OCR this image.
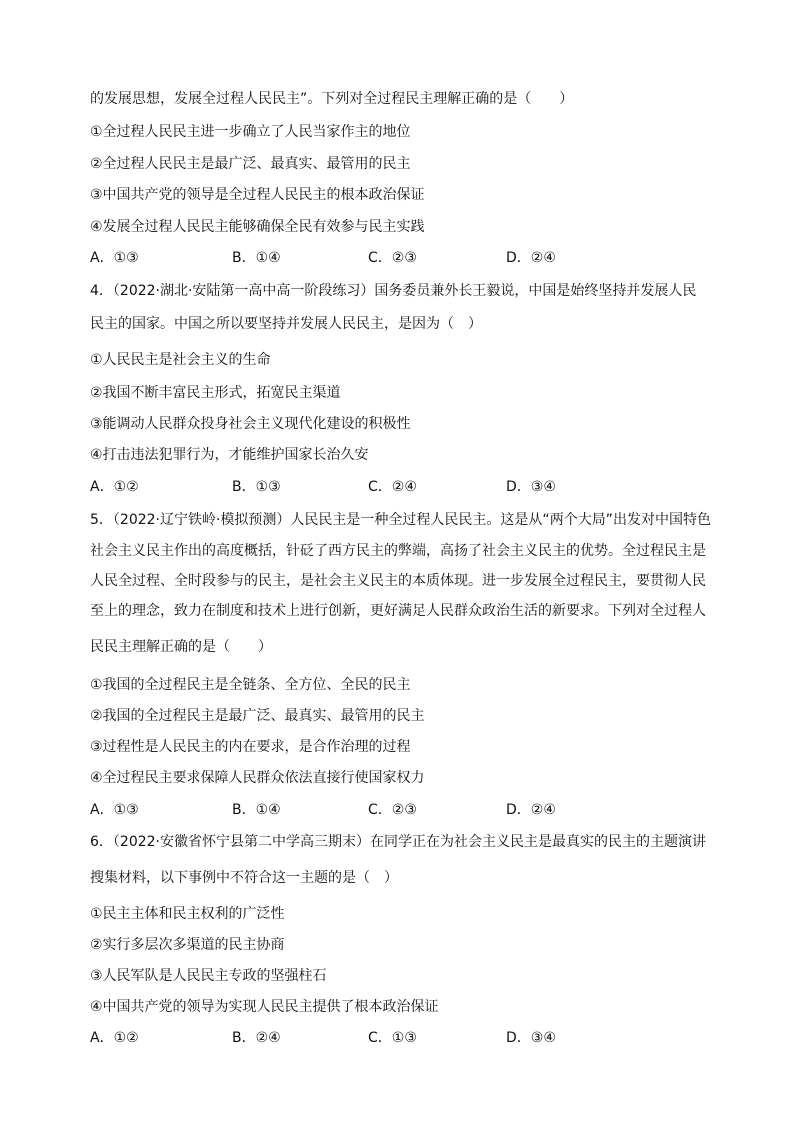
的发展思想，发展全过程人民民主”。下列对全过程民主理解正确的是（　　）
①全过程人民民主进一步确立了人民当家作主的地位
②全过程人民民主是最广泛、最真实、最管用的民主
③中国共产党的领导是全过程人民民主的根本政治保证
④发展全过程人民民主能够确保全民有效参与民主实践
A．①③	B．①④	C．②③	D．②④
4．（2022·湖北·安陆第一高中高一阶段练习）国务委员兼外长王毅说，中国是始终坚持并发展人民
民主的国家。中国之所以要坚持并发展人民民主，是因为（　）
①人民民主是社会主义的生命
②我国不断丰富民主形式，拓宽民主渠道
③能调动人民群众投身社会主义现代化建设的积极性
④打击违法犯罪行为，才能维护国家长治久安
A．①②	B．①③	C．②④	D．③④
5．（2022·辽宁铁岭·模拟预测）人民民主是一种全过程人民民主。这是从“两个大局”出发对中国特色
社会主义民主作出的高度概括，针砭了西方民主的弊端，高扬了社会主义民主的优势。全过程民主是
人民全过程、全时段参与的民主，是社会主义民主的本质体现。进一步发展全过程民主，要贯彻人民
至上的理念，致力在制度和技术上进行创新，更好满足人民群众政治生活的新要求。下列对全过程人
民民主理解正确的是（　　）
①我国的全过程民主是全链条、全方位、全民的民主
②我国的全过程民主是最广泛、最真实、最管用的民主
③过程性是人民民主的内在要求，是合作治理的过程
④全过程民主要求保障人民群众依法直接行使国家权力
A．①③	B．①④	C．②③	D．②④
6．（2022·安徽省怀宁县第二中学高三期末）在同学正在为社会主义民主是最真实的民主的主题演讲
搜集材料，以下事例中不符合这一主题的是（　）
①民主主体和民主权利的广泛性
②实行多层次多渠道的民主协商
③人民军队是人民民主专政的坚强柱石
④中国共产党的领导为实现人民民主提供了根本政治保证
A．①②	B．②④	C．①③	D．③④
